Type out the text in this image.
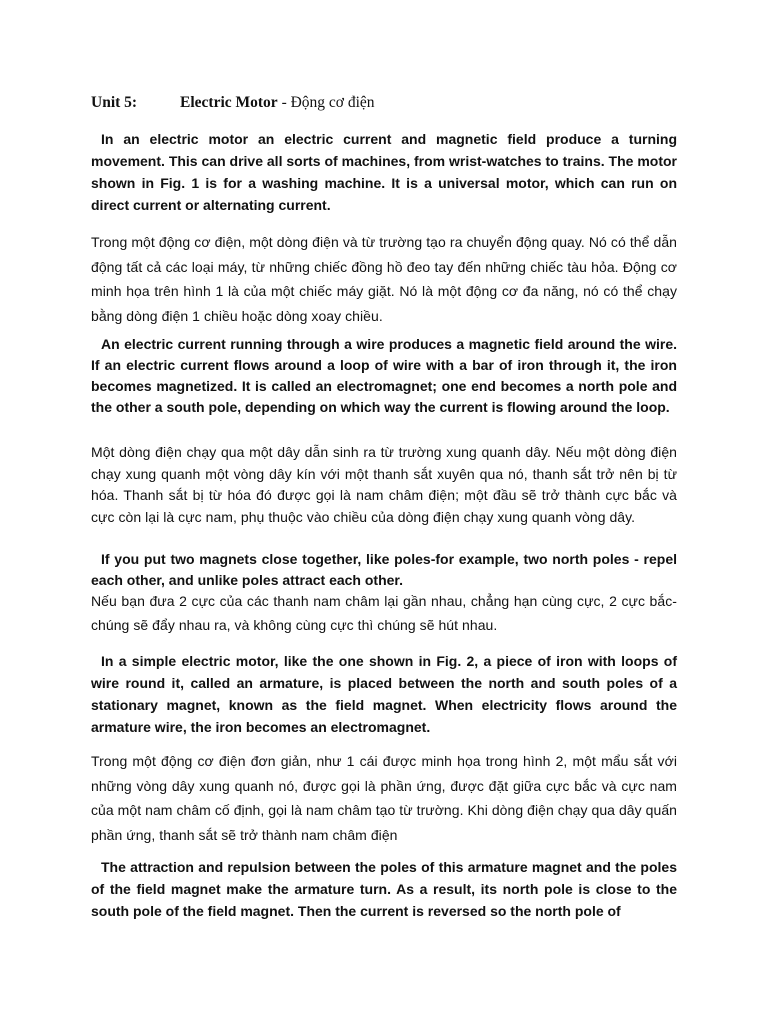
Unit 5:	Electric Motor - Động cơ điện

In an electric motor an electric current and magnetic field produce a turning movement. This can drive all sorts of machines, from wrist-watches to trains. The motor shown in Fig. 1 is for a washing machine. It is a universal motor, which can run on direct current or alternating current.

Trong một động cơ điện, một dòng điện và từ trường tạo ra chuyển động quay. Nó có thể dẫn động tất cả các loại máy, từ những chiếc đồng hồ đeo tay đến những chiếc tàu hỏa. Động cơ minh họa trên hình 1 là của một chiếc máy giặt. Nó là một động cơ đa năng, nó có thể chạy bằng dòng điện 1 chiều hoặc dòng xoay chiều.

An electric current running through a wire produces a magnetic field around the wire. If an electric current flows around a loop of wire with a bar of iron through it, the iron becomes magnetized. It is called an electromagnet; one end becomes a north pole and the other a south pole, depending on which way the current is flowing around the loop.

Một dòng điện chạy qua một dây dẫn sinh ra từ trường xung quanh dây. Nếu một dòng điện chạy xung quanh một vòng dây kín với một thanh sắt xuyên qua nó, thanh sắt trở nên bị từ hóa. Thanh sắt bị từ hóa đó được gọi là nam châm điện; một đầu sẽ trở thành cực bắc và cực còn lại là cực nam, phụ thuộc vào chiều của dòng điện chạy xung quanh vòng dây.

If you put two magnets close together, like poles-for example, two north poles - repel each other, and unlike poles attract each other.

Nếu bạn đưa 2 cực của các thanh nam châm lại gần nhau, chẳng hạn cùng cực, 2 cực bắc- chúng sẽ đẩy nhau ra, và không cùng cực thì chúng sẽ hút nhau.

In a simple electric motor, like the one shown in Fig. 2, a piece of iron with loops of wire round it, called an armature, is placed between the north and south poles of a stationary magnet, known as the field magnet. When electricity flows around the armature wire, the iron becomes an electromagnet.

Trong một động cơ điện đơn giản, như 1 cái được minh họa trong hình 2, một mẩu sắt với những vòng dây xung quanh nó, được gọi là phần ứng, được đặt giữa cực bắc và cực nam của một nam châm cố định, gọi là nam châm tạo từ trường. Khi dòng điện chạy qua dây quấn phần ứng, thanh sắt sẽ trở thành nam châm điện

The attraction and repulsion between the poles of this armature magnet and the poles of the field magnet make the armature turn. As a result, its north pole is close to the south pole of the field magnet. Then the current is reversed so the north pole of
